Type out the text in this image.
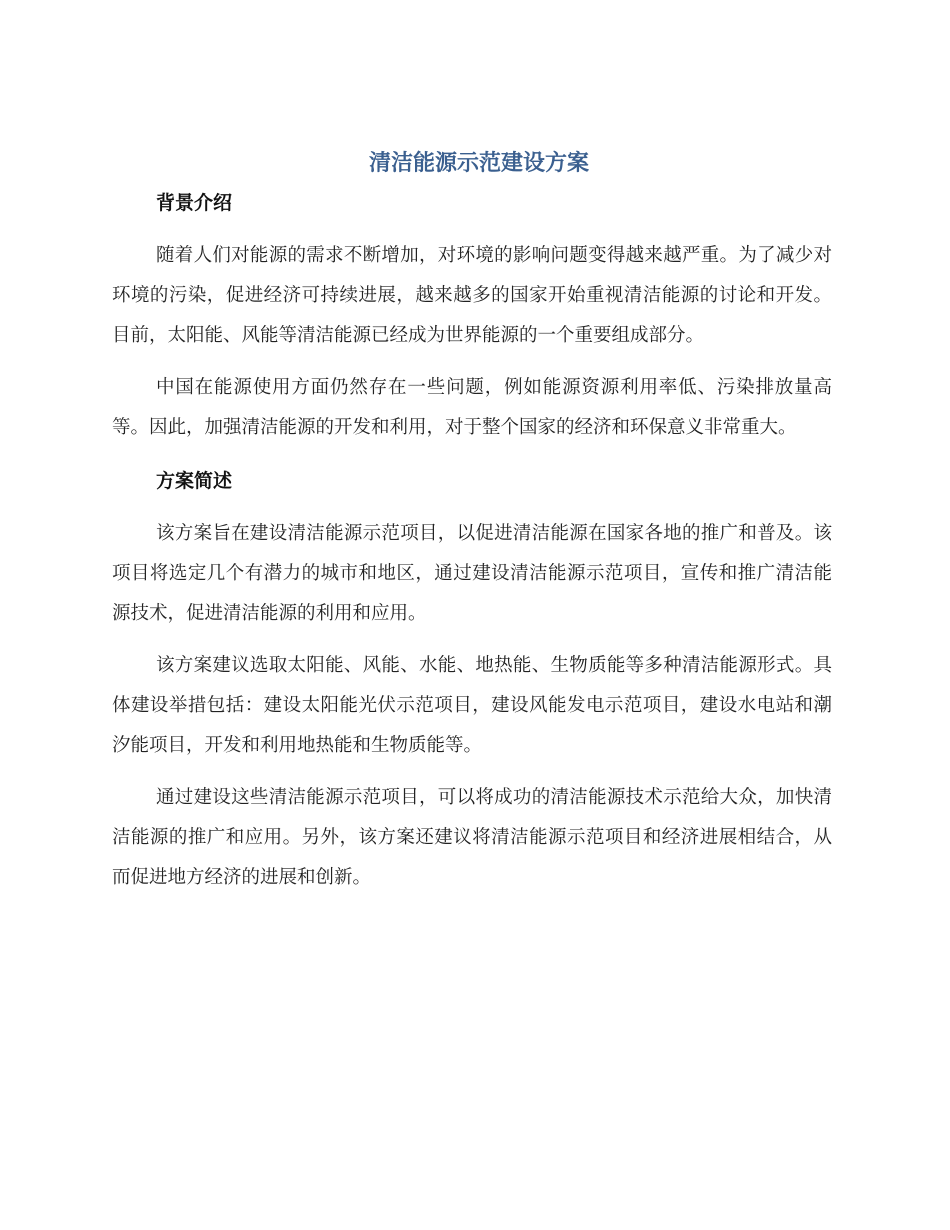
清洁能源示范建设方案
背景介绍

随着人们对能源的需求不断增加，对环境的影响问题变得越来越严重。为了减少对环境的污染，促进经济可持续进展，越来越多的国家开始重视清洁能源的讨论和开发。目前，太阳能、风能等清洁能源已经成为世界能源的一个重要组成部分。

中国在能源使用方面仍然存在一些问题，例如能源资源利用率低、污染排放量高等。因此，加强清洁能源的开发和利用，对于整个国家的经济和环保意义非常重大。

方案简述

该方案旨在建设清洁能源示范项目，以促进清洁能源在国家各地的推广和普及。该项目将选定几个有潜力的城市和地区，通过建设清洁能源示范项目，宣传和推广清洁能源技术，促进清洁能源的利用和应用。

该方案建议选取太阳能、风能、水能、地热能、生物质能等多种清洁能源形式。具体建设举措包括：建设太阳能光伏示范项目，建设风能发电示范项目，建设水电站和潮汐能项目，开发和利用地热能和生物质能等。

通过建设这些清洁能源示范项目，可以将成功的清洁能源技术示范给大众，加快清洁能源的推广和应用。另外，该方案还建议将清洁能源示范项目和经济进展相结合，从而促进地方经济的进展和创新。
